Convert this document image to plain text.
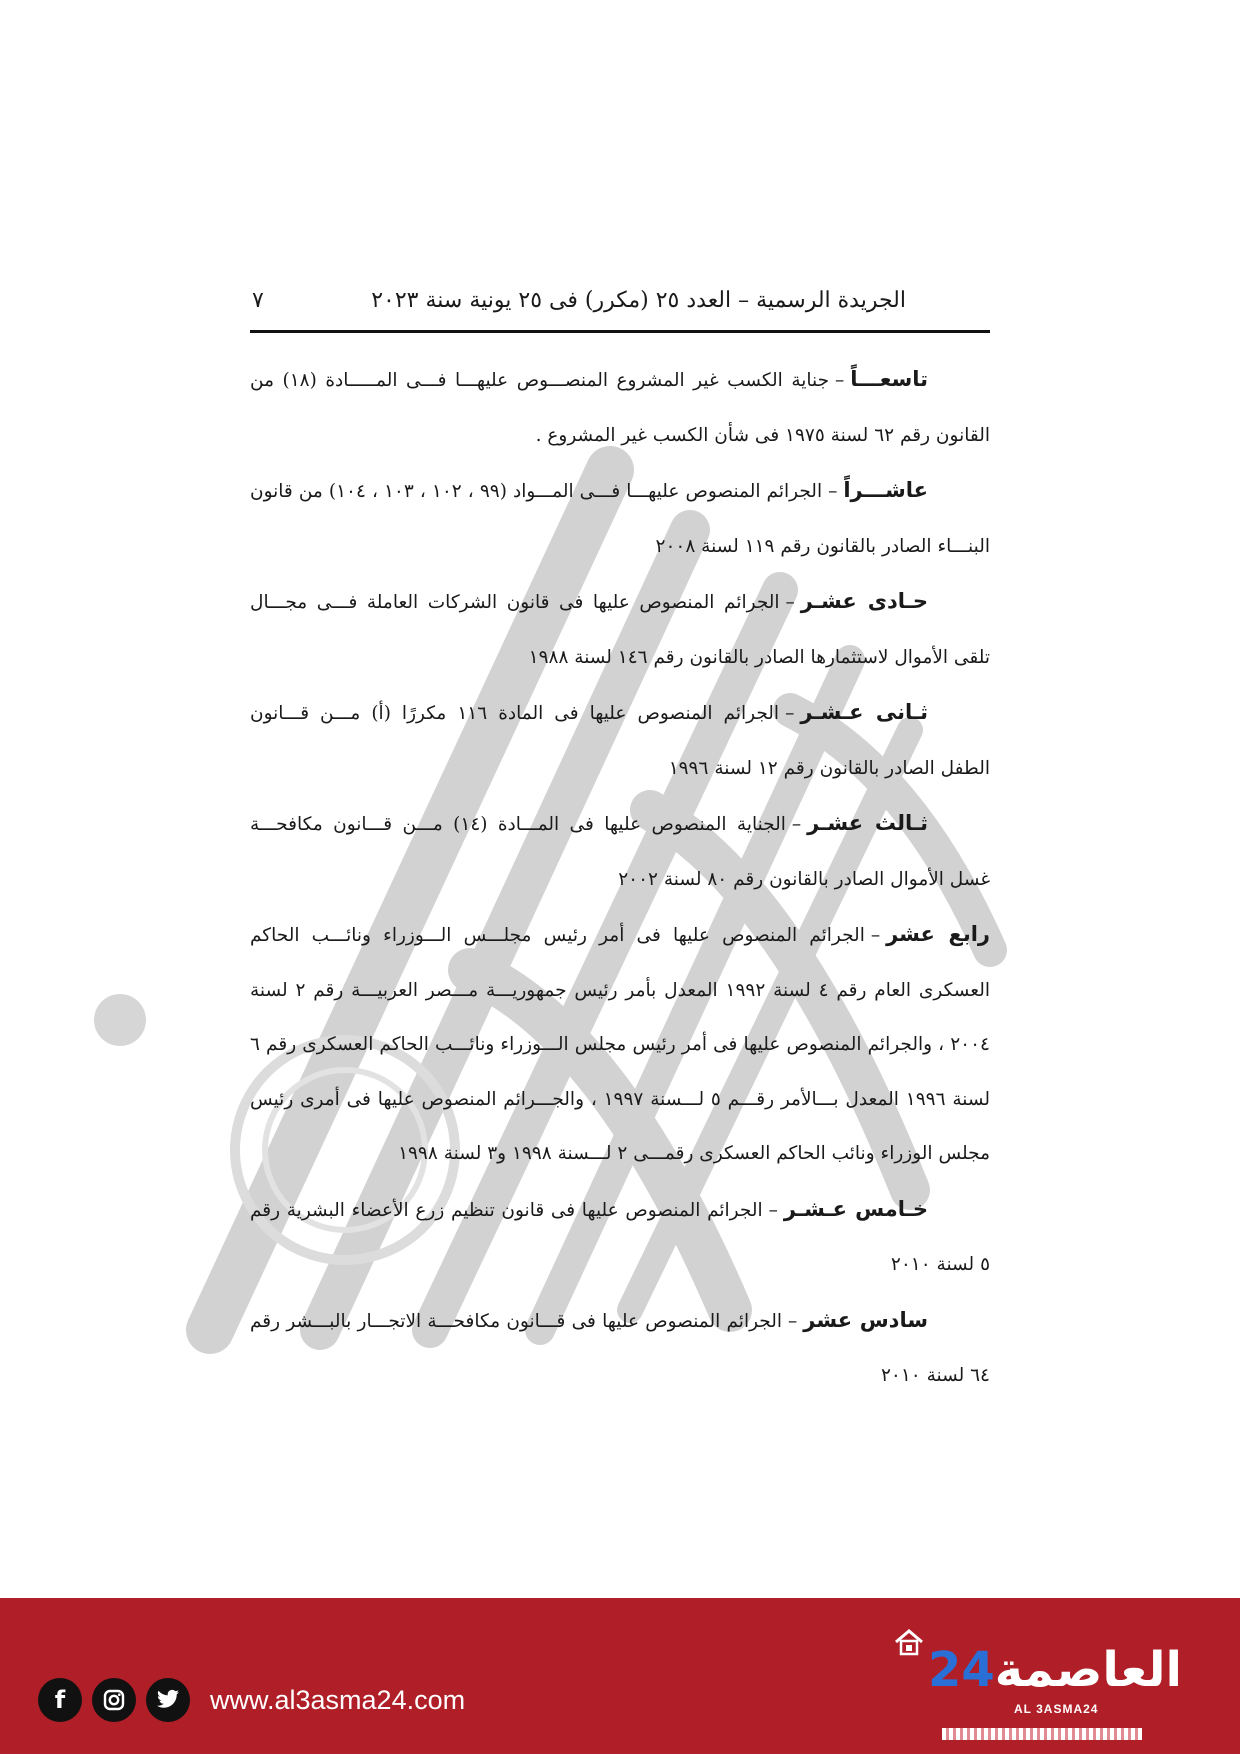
الجريدة الرسمية – العدد ٢٥ (مكرر) فى ٢٥ يونية سنة ٢٠٢٣
٧

تاسعـــاً–جناية الكسب غير المشروع المنصـــوص عليهـــا فـــى المـــــادة (١٨) من القانون رقم ٦٢ لسنة ١٩٧٥ فى شأن الكسب غير المشروع .

عاشـــراً–الجرائم المنصوص عليهـــا فـــى المـــواد (٩٩ ، ١٠٢ ، ١٠٣ ، ١٠٤) من قانون البنـــاء الصادر بالقانون رقم ١١٩ لسنة ٢٠٠٨

حـادى عشـر–الجرائم المنصوص عليها فى قانون الشركات العاملة فـــى مجـــال تلقى الأموال لاستثمارها الصادر بالقانون رقم ١٤٦ لسنة ١٩٨٨

ثـانى عـشـر–الجرائم المنصوص عليها فى المادة ١١٦ مكررًا (أ) مـــن قـــانون الطفل الصادر بالقانون رقم ١٢ لسنة ١٩٩٦

ثـالث عشـر–الجناية المنصوص عليها فى المـــادة (١٤) مـــن قـــانون مكافحـــة غسل الأموال الصادر بالقانون رقم ٨٠ لسنة ٢٠٠٢

رابع عشر–الجرائم المنصوص عليها فى أمر رئيس مجلـــس الـــوزراء ونائـــب الحاكم العسكرى العام رقم ٤ لسنة ١٩٩٢ المعدل بأمر رئيس جمهوريـــة مـــصر العربيـــة رقم ٢ لسنة ٢٠٠٤ ، والجرائم المنصوص عليها فى أمر رئيس مجلس الـــوزراء ونائـــب الحاكم العسكرى رقم ٦ لسنة ١٩٩٦ المعدل بـــالأمر رقـــم ٥ لـــسنة ١٩٩٧ ، والجـــرائم المنصوص عليها فى أمرى رئيس مجلس الوزراء ونائب الحاكم العسكرى رقمـــى ٢ لـــسنة ١٩٩٨ و٣ لسنة ١٩٩٨

خـامس عـشـر–الجرائم المنصوص عليها فى قانون تنظيم زرع الأعضاء البشرية رقم ٥ لسنة ٢٠١٠

سادس عشر–الجرائم المنصوص عليها فى قـــانون مكافحـــة الاتجـــار بالبـــشر رقم ٦٤ لسنة ٢٠١٠

f	www.al3asma24.com
العاصمة24
AL 3ASMA24
